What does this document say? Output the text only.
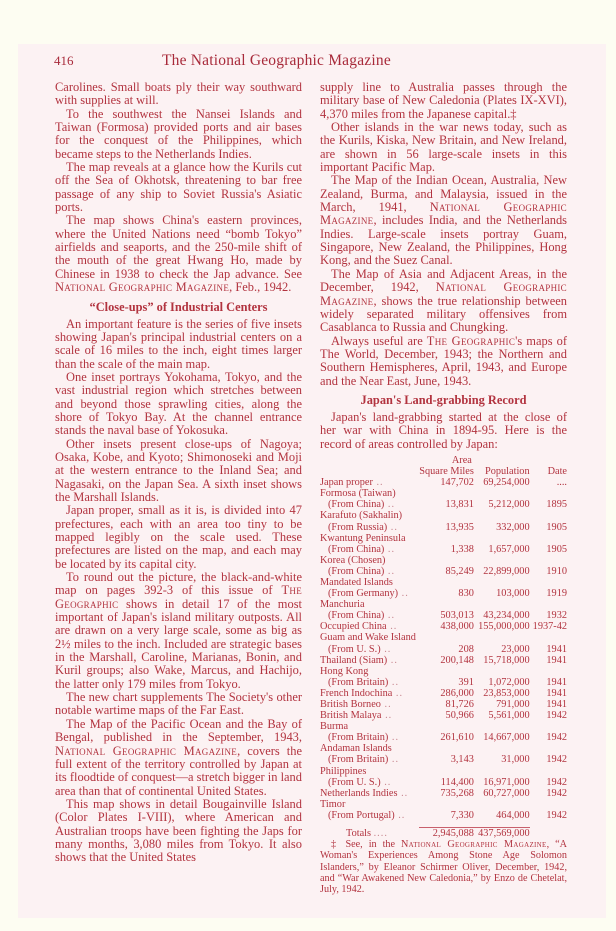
416	The National Geographic Magazine

Carolines. Small boats ply their way southward with supplies at will.

To the southwest the Nansei Islands and Taiwan (Formosa) provided ports and air bases for the conquest of the Philippines, which became steps to the Netherlands Indies.

The map reveals at a glance how the Kurils cut off the Sea of Okhotsk, threatening to bar free passage of any ship to Soviet Russia's Asiatic ports.

The map shows China's eastern provinces, where the United Nations need “bomb Tokyo” airfields and seaports, and the 250-mile shift of the mouth of the great Hwang Ho, made by Chinese in 1938 to check the Jap advance. See National Geographic Magazine, Feb., 1942.

“Close-ups” of Industrial Centers

An important feature is the series of five insets showing Japan's principal industrial centers on a scale of 16 miles to the inch, eight times larger than the scale of the main map.

One inset portrays Yokohama, Tokyo, and the vast industrial region which stretches between and beyond those sprawling cities, along the shore of Tokyo Bay. At the channel entrance stands the naval base of Yokosuka.

Other insets present close-ups of Nagoya; Osaka, Kobe, and Kyoto; Shimonoseki and Moji at the western entrance to the Inland Sea; and Nagasaki, on the Japan Sea. A sixth inset shows the Marshall Islands.

Japan proper, small as it is, is divided into 47 prefectures, each with an area too tiny to be mapped legibly on the scale used. These prefectures are listed on the map, and each may be located by its capital city.

To round out the picture, the black-and-white map on pages 392-3 of this issue of The Geographic shows in detail 17 of the most important of Japan's island military outposts. All are drawn on a very large scale, some as big as 2½ miles to the inch. Included are strategic bases in the Marshall, Caroline, Marianas, Bonin, and Kuril groups; also Wake, Marcus, and Hachijo, the latter only 179 miles from Tokyo.

The new chart supplements The Society's other notable wartime maps of the Far East.

The Map of the Pacific Ocean and the Bay of Bengal, published in the September, 1943, National Geographic Magazine, covers the full extent of the territory controlled by Japan at its floodtide of conquest—a stretch bigger in land area than that of continental United States.

This map shows in detail Bougainville Island (Color Plates I-VIII), where American and Australian troops have been fighting the Japs for many months, 3,080 miles from Tokyo. It also shows that the United States

supply line to Australia passes through the military base of New Caledonia (Plates IX-XVI), 4,370 miles from the Japanese capital.‡

Other islands in the war news today, such as the Kurils, Kiska, New Britain, and New Ireland, are shown in 56 large-scale insets in this important Pacific Map.

The Map of the Indian Ocean, Australia, New Zealand, Burma, and Malaysia, issued in the March, 1941, National Geographic Magazine, includes India, and the Netherlands Indies. Large-scale insets portray Guam, Singapore, New Zealand, the Philippines, Hong Kong, and the Suez Canal.

The Map of Asia and Adjacent Areas, in the December, 1942, National Geographic Magazine, shows the true relationship between widely separated military offensives from Casablanca to Russia and Chungking.

Always useful are The Geographic's maps of The World, December, 1943; the Northern and Southern Hemispheres, April, 1943, and Europe and the Near East, June, 1943.

Japan's Land-grabbing Record

Japan's land-grabbing started at the close of her war with China in 1894-95. Here is the record of areas controlled by Japan:

	Area		
	Square Miles	Population	Date
Japan proper ..	147,702	69,254,000	....
Formosa (Taiwan)			
(From China) ..	13,831	5,212,000	1895
Karafuto (Sakhalin)			
(From Russia) ..	13,935	332,000	1905
Kwantung Peninsula			
(From China) ..	1,338	1,657,000	1905
Korea (Chosen)			
(From China) ..	85,249	22,899,000	1910
Mandated Islands			
(From Germany) ..	830	103,000	1919
Manchuria			
(From China) ..	503,013	43,234,000	1932
Occupied China ..	438,000	155,000,000	1937-42
Guam and Wake Island			
(From U. S.) ..	208	23,000	1941
Thailand (Siam) ..	200,148	15,718,000	1941
Hong Kong			
(From Britain) ..	391	1,072,000	1941
French Indochina ..	286,000	23,853,000	1941
British Borneo ..	81,726	791,000	1941
British Malaya ..	50,966	5,561,000	1942
Burma			
(From Britain) ..	261,610	14,667,000	1942
Andaman Islands			
(From Britain) ..	3,143	31,000	1942
Philippines			
(From U. S.) ..	114,400	16,971,000	1942
Netherlands Indies ..	735,268	60,727,000	1942
Timor			
(From Portugal) ..	7,330	464,000	1942

Totals ....	2,945,088	437,569,000	

‡ See, in the National Geographic Magazine, “A Woman's Experiences Among Stone Age Solomon Islanders,” by Eleanor Schirmer Oliver, December, 1942, and “War Awakened New Caledonia,” by Enzo de Chetelat, July, 1942.
